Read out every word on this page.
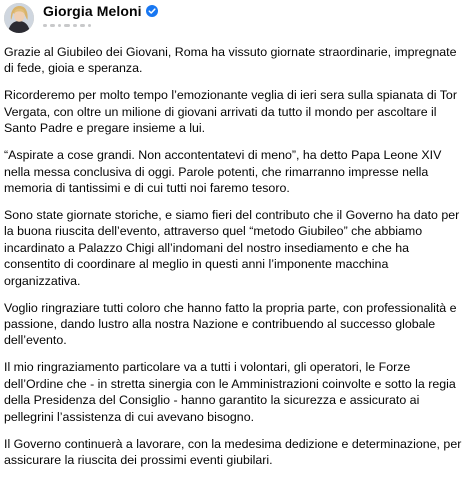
Giorgia Meloni

Grazie al Giubileo dei Giovani, Roma ha vissuto giornate straordinarie, impregnate di fede, gioia e speranza.

Ricorderemo per molto tempo l’emozionante veglia di ieri sera sulla spianata di Tor Vergata, con oltre un milione di giovani arrivati da tutto il mondo per ascoltare il Santo Padre e pregare insieme a lui.

“Aspirate a cose grandi. Non accontentatevi di meno”, ha detto Papa Leone XIV nella messa conclusiva di oggi. Parole potenti, che rimarranno impresse nella memoria di tantissimi e di cui tutti noi faremo tesoro.

Sono state giornate storiche, e siamo fieri del contributo che il Governo ha dato per la buona riuscita dell’evento, attraverso quel “metodo Giubileo” che abbiamo incardinato a Palazzo Chigi all’indomani del nostro insediamento e che ha consentito di coordinare al meglio in questi anni l’imponente macchina organizzativa.

Voglio ringraziare tutti coloro che hanno fatto la propria parte, con professionalità e passione, dando lustro alla nostra Nazione e contribuendo al successo globale dell’evento.

Il mio ringraziamento particolare va a tutti i volontari, gli operatori, le Forze dell’Ordine che - in stretta sinergia con le Amministrazioni coinvolte e sotto la regia della Presidenza del Consiglio - hanno garantito la sicurezza e assicurato ai pellegrini l’assistenza di cui avevano bisogno.

Il Governo continuerà a lavorare, con la medesima dedizione e determinazione, per assicurare la riuscita dei prossimi eventi giubilari.
